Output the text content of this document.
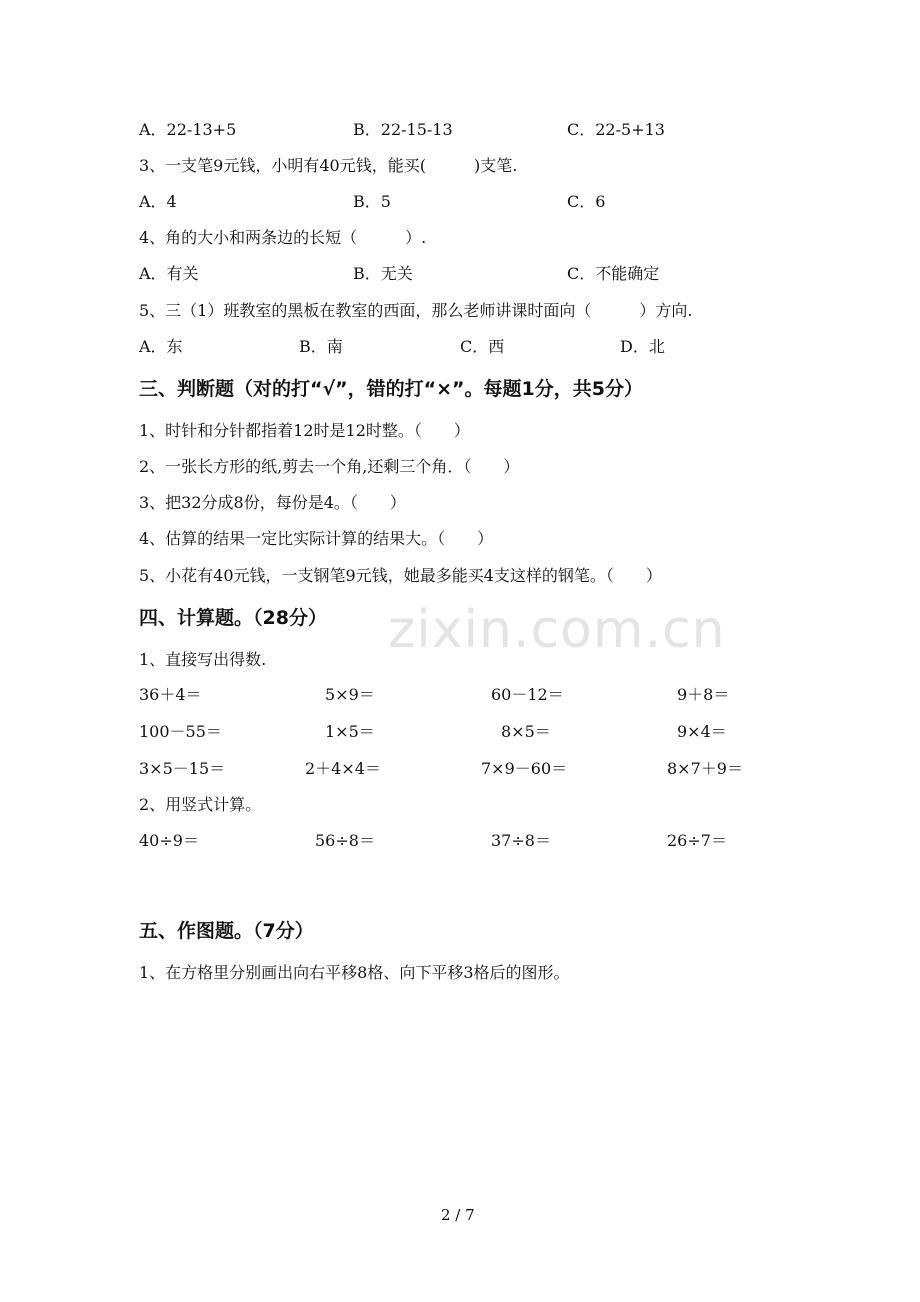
zixin.com.cn
A．22-13+5	B．22-15-13	C．22-5+13
3、一支笔9元钱，小明有40元钱，能买(　　　)支笔.
A．4	B．5	C．6
4、角的大小和两条边的长短（　　　）.
A．有关	B．无关	C．不能确定
5、三（1）班教室的黑板在教室的西面，那么老师讲课时面向（　　　）方向.
A．东	B．南	C．西	D．北
三、判断题（对的打“√”，错的打“×”。每题1分，共5分）
1、时针和分针都指着12时是12时整。（　　）
2、一张长方形的纸,剪去一个角,还剩三个角．（　　）
3、把32分成8份，每份是4。（　　）
4、估算的结果一定比实际计算的结果大。（　　）
5、小花有40元钱，一支钢笔9元钱，她最多能买4支这样的钢笔。（　　）
四、计算题。（28分）
1、直接写出得数.
36＋4＝	5×9＝	60－12＝	9＋8＝
100－55＝	1×5＝	8×5＝	9×4＝
3×5－15＝	2＋4×4＝	7×9－60＝	8×7＋9＝
2、用竖式计算。
40÷9＝	56÷8＝	37÷8＝	26÷7＝
五、作图题。（7分）
1、在方格里分别画出向右平移8格、向下平移3格后的图形。
2 / 7
